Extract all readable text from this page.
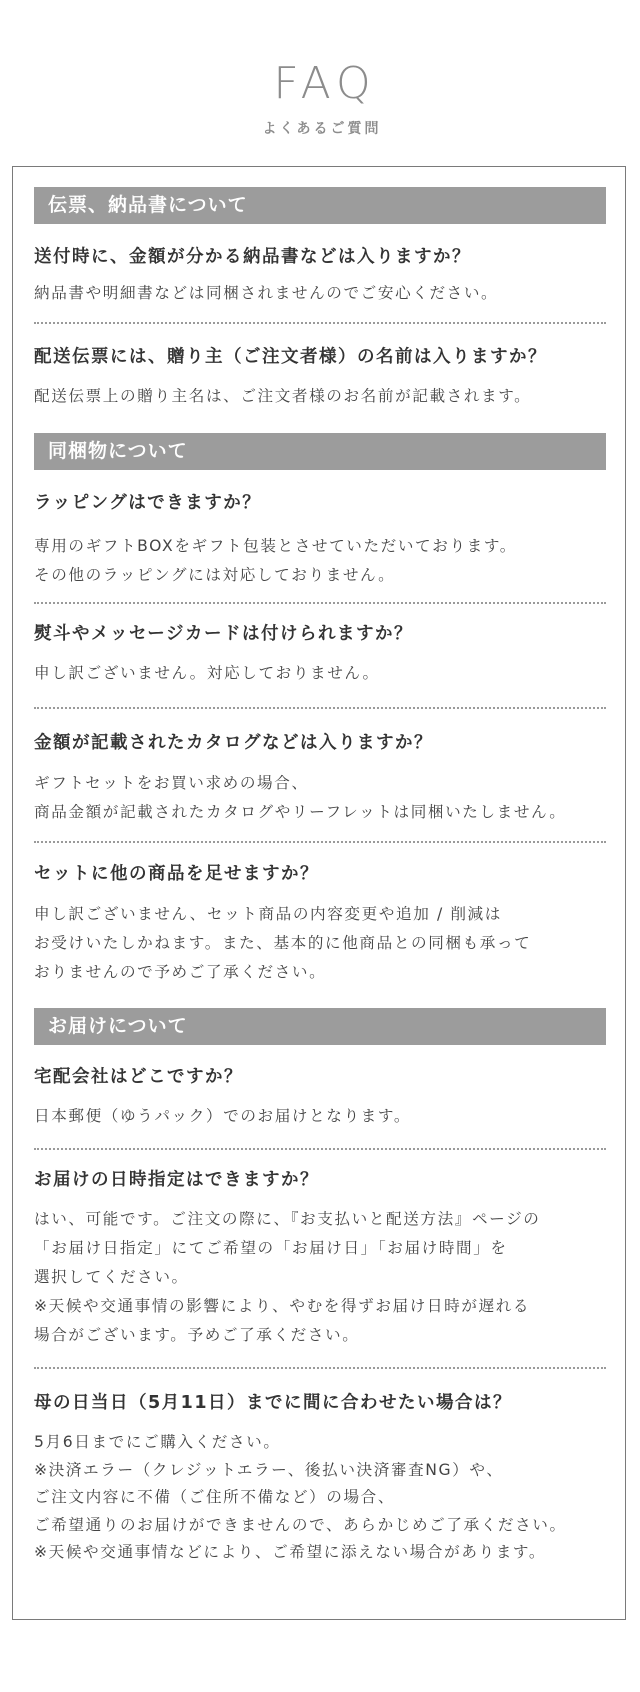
FAQ
よくあるご質問
伝票、納品書について
送付時に、金額が分かる納品書などは入りますか？
納品書や明細書などは同梱されませんのでご安心ください。
配送伝票には、贈り主（ご注文者様）の名前は入りますか？
配送伝票上の贈り主名は、ご注文者様のお名前が記載されます。
同梱物について
ラッピングはできますか？
専用のギフトBOXをギフト包装とさせていただいております。
その他のラッピングには対応しておりません。
熨斗やメッセージカードは付けられますか？
申し訳ございません。対応しておりません。
金額が記載されたカタログなどは入りますか？
ギフトセットをお買い求めの場合、
商品金額が記載されたカタログやリーフレットは同梱いたしません。
セットに他の商品を足せますか？
申し訳ございません、セット商品の内容変更や追加 / 削減は
お受けいたしかねます。また、基本的に他商品との同梱も承って
おりませんので予めご了承ください。
お届けについて
宅配会社はどこですか？
日本郵便（ゆうパック）でのお届けとなります。
お届けの日時指定はできますか？
はい、可能です。ご注文の際に、『お支払いと配送方法』ページの
「お届け日指定」にてご希望の「お届け日」「お届け時間」を
選択してください。
※天候や交通事情の影響により、やむを得ずお届け日時が遅れる
場合がございます。予めご了承ください。
母の日当日（5月11日）までに間に合わせたい場合は？
5月6日までにご購入ください。
※決済エラー（クレジットエラー、後払い決済審査NG）や、
ご注文内容に不備（ご住所不備など）の場合、
ご希望通りのお届けができませんので、あらかじめご了承ください。
※天候や交通事情などにより、ご希望に添えない場合があります。
